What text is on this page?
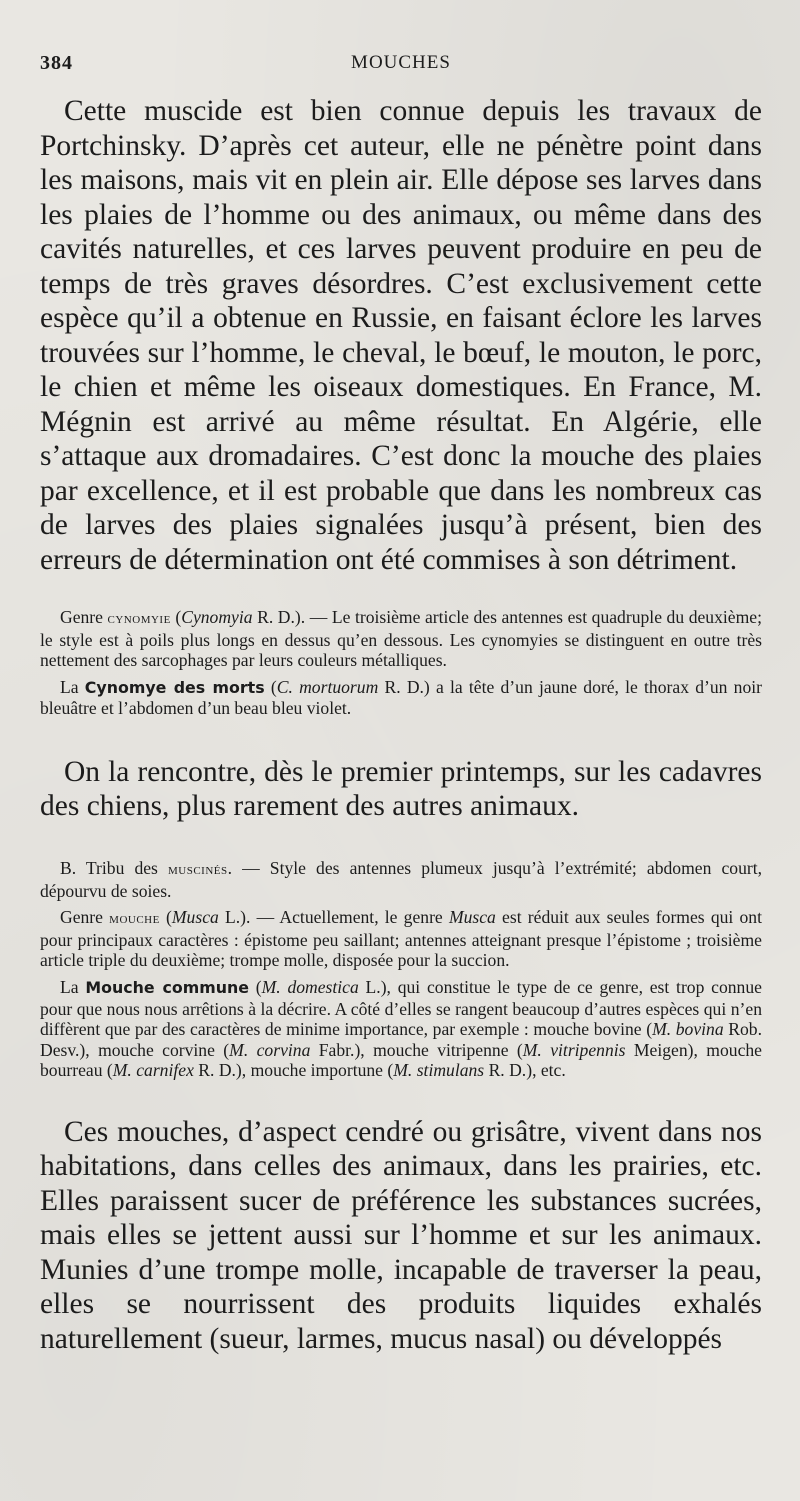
384	MOUCHES

Cette muscide est bien connue depuis les travaux de Portchinsky. D’après cet auteur, elle ne pénètre point dans les maisons, mais vit en plein air. Elle dépose ses larves dans les plaies de l’homme ou des animaux, ou même dans des cavités naturelles, et ces larves peuvent produire en peu de temps de très graves désordres. C’est exclusivement cette espèce qu’il a obtenue en Russie, en faisant éclore les larves trouvées sur l’homme, le cheval, le bœuf, le mouton, le porc, le chien et même les oiseaux domestiques. En France, M. Mégnin est arrivé au même résultat. En Algérie, elle s’attaque aux dromadaires. C’est donc la mouche des plaies par excellence, et il est probable que dans les nombreux cas de larves des plaies signalées jusqu’à présent, bien des erreurs de détermination ont été commises à son détriment.

Genre cynomyie (Cynomyia R. D.). — Le troisième article des antennes est quadruple du deuxième; le style est à poils plus longs en dessus qu’en dessous. Les cynomyies se distinguent en outre très nettement des sarcophages par leurs couleurs métalliques.

La Cynomye des morts (C. mortuorum R. D.) a la tête d’un jaune doré, le thorax d’un noir bleuâtre et l’abdomen d’un beau bleu violet.

On la rencontre, dès le premier printemps, sur les cadavres des chiens, plus rarement des autres animaux.

B. Tribu des muscinés. — Style des antennes plumeux jusqu’à l’extrémité; abdomen court, dépourvu de soies.

Genre mouche (Musca L.). — Actuellement, le genre Musca est réduit aux seules formes qui ont pour principaux caractères : épistome peu saillant; antennes atteignant presque l’épistome ; troisième article triple du deuxième; trompe molle, disposée pour la succion.

La Mouche commune (M. domestica L.), qui constitue le type de ce genre, est trop connue pour que nous nous arrêtions à la décrire. A côté d’elles se rangent beaucoup d’autres espèces qui n’en diffèrent que par des caractères de minime importance, par exemple : mouche bovine (M. bovina Rob. Desv.), mouche corvine (M. corvina Fabr.), mouche vitripenne (M. vitripennis Meigen), mouche bourreau (M. carnifex R. D.), mouche importune (M. stimulans R. D.), etc.

Ces mouches, d’aspect cendré ou grisâtre, vivent dans nos habitations, dans celles des animaux, dans les prairies, etc. Elles paraissent sucer de préférence les substances sucrées, mais elles se jettent aussi sur l’homme et sur les animaux. Munies d’une trompe molle, incapable de traverser la peau, elles se nourrissent des produits liquides exhalés naturellement (sueur, larmes, mucus nasal) ou développés
